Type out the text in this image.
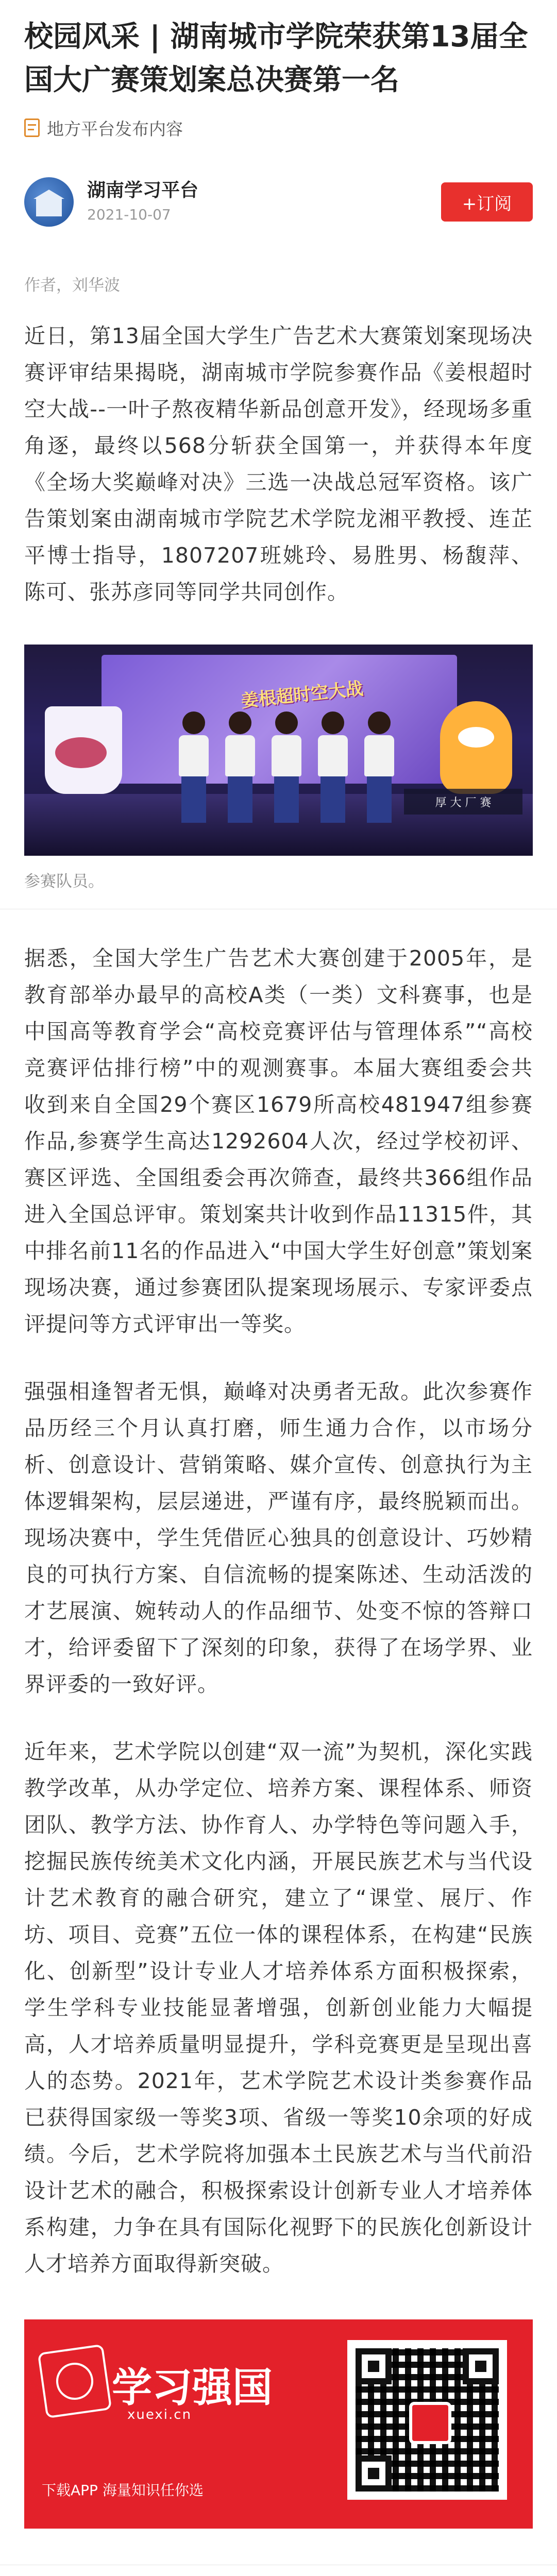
校园风采 | 湖南城市学院荣获第13届全国大广赛策划案总决赛第一名
地方平台发布内容
湖南学习平台
2021-10-07
+订阅
作者，刘华波

近日，第13届全国大学生广告艺术大赛策划案现场决赛评审结果揭晓，湖南城市学院参赛作品《姜根超时空大战--一叶子熬夜精华新品创意开发》，经现场多重角逐，最终以568分斩获全国第一，并获得本年度《全场大奖巅峰对决》三选一决战总冠军资格。该广告策划案由湖南城市学院艺术学院龙湘平教授、连芷平博士指导，1807207班姚玲、易胜男、杨馥萍、陈可、张苏彦同等同学共同创作。

姜根超时空大战
厚 大 厂 赛
参赛队员。

据悉，全国大学生广告艺术大赛创建于2005年，是教育部举办最早的高校A类（一类）文科赛事，也是中国高等教育学会“高校竞赛评估与管理体系”“高校竞赛评估排行榜”中的观测赛事。本届大赛组委会共收到来自全国29个赛区1679所高校481947组参赛作品,参赛学生高达1292604人次，经过学校初评、赛区评选、全国组委会再次筛查，最终共366组作品进入全国总评审。策划案共计收到作品11315件，其中排名前11名的作品进入“中国大学生好创意”策划案现场决赛，通过参赛团队提案现场展示、专家评委点评提问等方式评审出一等奖。

强强相逢智者无惧，巅峰对决勇者无敌。此次参赛作品历经三个月认真打磨，师生通力合作，以市场分析、创意设计、营销策略、媒介宣传、创意执行为主体逻辑架构，层层递进，严谨有序，最终脱颖而出。现场决赛中，学生凭借匠心独具的创意设计、巧妙精良的可执行方案、自信流畅的提案陈述、生动活泼的才艺展演、婉转动人的作品细节、处变不惊的答辩口才，给评委留下了深刻的印象，获得了在场学界、业界评委的一致好评。

近年来，艺术学院以创建“双一流”为契机，深化实践教学改革，从办学定位、培养方案、课程体系、师资团队、教学方法、协作育人、办学特色等问题入手，挖掘民族传统美术文化内涵，开展民族艺术与当代设计艺术教育的融合研究，建立了“课堂、展厅、作坊、项目、竞赛”五位一体的课程体系，在构建“民族化、创新型”设计专业人才培养体系方面积极探索，学生学科专业技能显著增强，创新创业能力大幅提高，人才培养质量明显提升，学科竞赛更是呈现出喜人的态势。2021年，艺术学院艺术设计类参赛作品已获得国家级一等奖3项、省级一等奖10余项的好成绩。今后，艺术学院将加强本土民族艺术与当代前沿设计艺术的融合，积极探索设计创新专业人才培养体系构建，力争在具有国际化视野下的民族化创新设计人才培养方面取得新突破。

学习强国
xuexi.cn
下载APP 海量知识任你选
